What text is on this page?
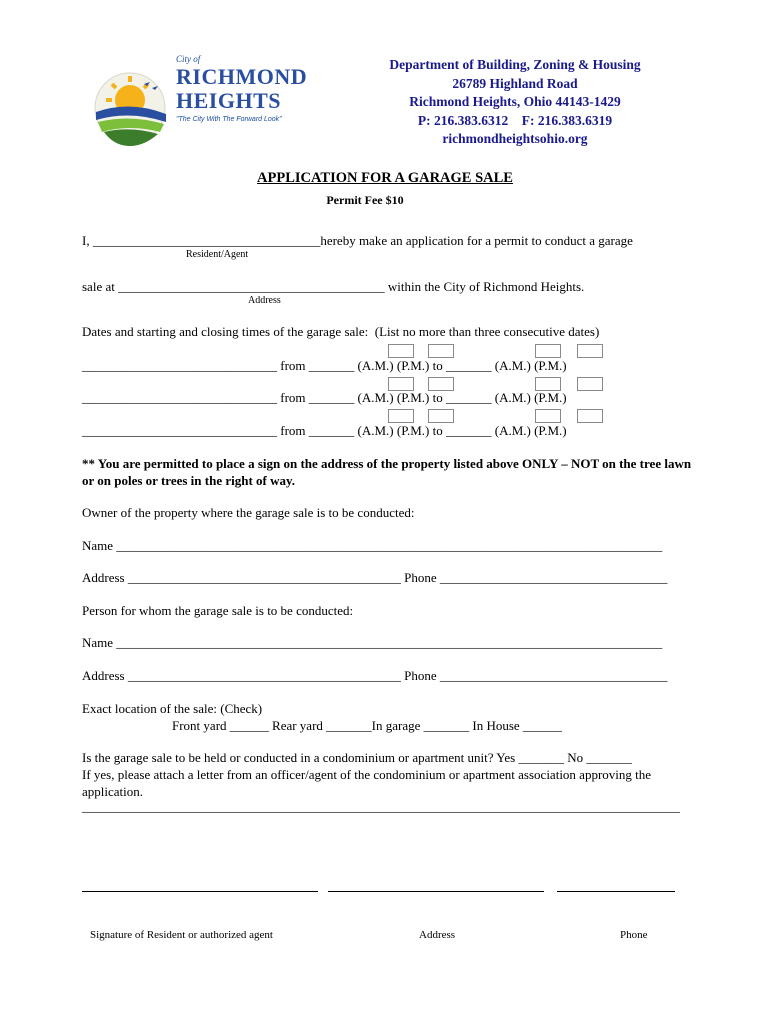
City of
RICHMOND
HEIGHTS
"The City With The Forward Look"
Department of Building, Zoning & Housing
26789 Highland Road
Richmond Heights, Ohio 44143-1429
P: 216.383.6312    F: 216.383.6319
richmondheightsohio.org
APPLICATION FOR A GARAGE SALE
Permit Fee $10
I, ___________________________________hereby make an application for a permit to conduct a garage
Resident/Agent
sale at _________________________________________ within the City of Richmond Heights.
Address
Dates and starting and closing times of the garage sale:  (List no more than three consecutive dates)
______________________________ from _______ (A.M.) (P.M.) to _______ (A.M.) (P.M.)
______________________________ from _______ (A.M.) (P.M.) to _______ (A.M.) (P.M.)
______________________________ from _______ (A.M.) (P.M.) to _______ (A.M.) (P.M.)
** You are permitted to place a sign on the address of the property listed above ONLY – NOT on the tree lawn or on poles or trees in the right of way.
Owner of the property where the garage sale is to be conducted:
Name ____________________________________________________________________________________
Address __________________________________________ Phone ___________________________________
Person for whom the garage sale is to be conducted:
Name ____________________________________________________________________________________
Address __________________________________________ Phone ___________________________________
Exact location of the sale: (Check)
Front yard ______ Rear yard _______In garage _______ In House ______
Is the garage sale to be held or conducted in a condominium or apartment unit? Yes _______ No _______
If yes, please attach a letter from an officer/agent of the condominium or apartment association approving the application.
____________________________________________________________________________________________
Signature of Resident or authorized agent	Address	Phone
